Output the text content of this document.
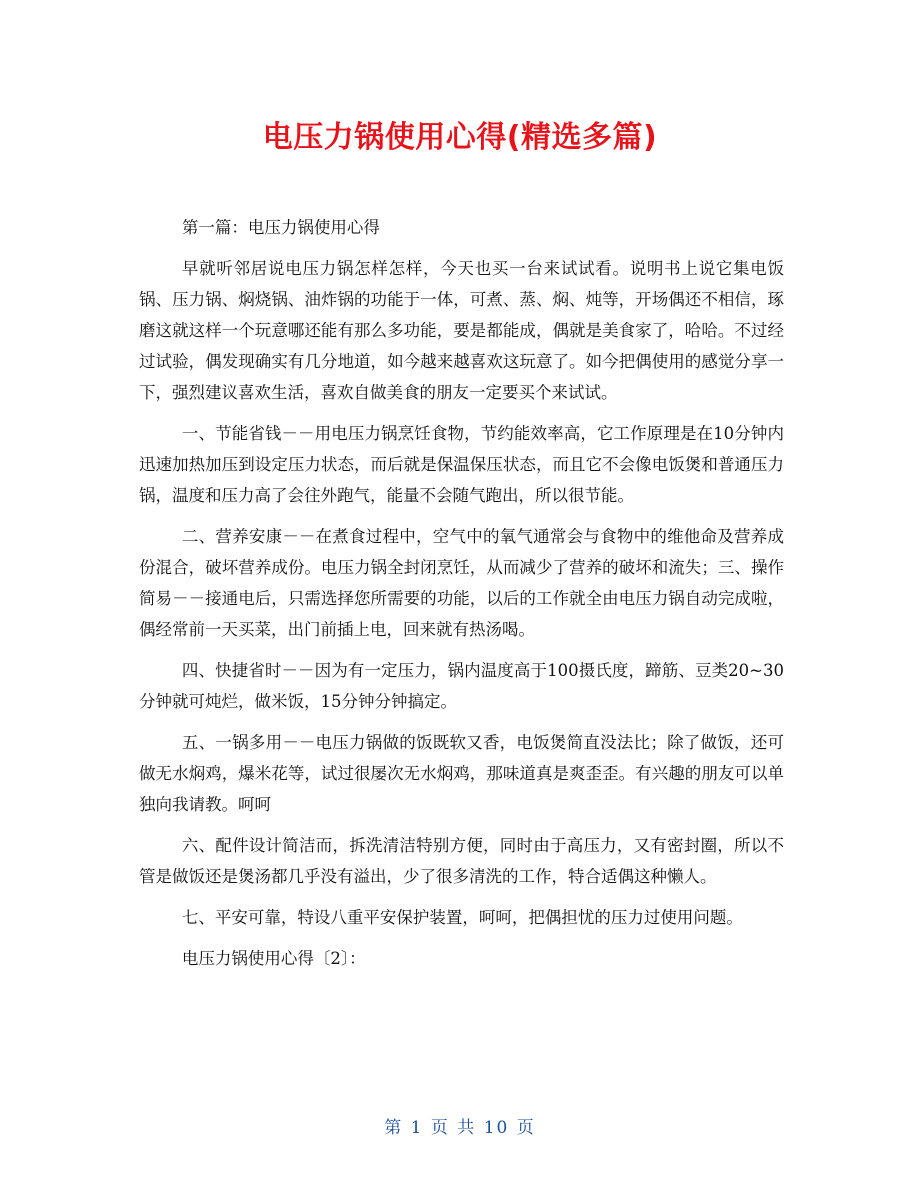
电压力锅使用心得(精选多篇)

第一篇：电压力锅使用心得

早就听邻居说电压力锅怎样怎样，今天也买一台来试试看。说明书上说它集电饭锅、压力锅、焖烧锅、油炸锅的功能于一体，可煮、蒸、焖、炖等，开场偶还不相信，琢磨这就这样一个玩意哪还能有那么多功能，要是都能成，偶就是美食家了，哈哈。不过经过试验，偶发现确实有几分地道，如今越来越喜欢这玩意了。如今把偶使用的感觉分享一下，强烈建议喜欢生活，喜欢自做美食的朋友一定要买个来试试。

一、节能省钱－－用电压力锅烹饪食物，节约能效率高，它工作原理是在10分钟内迅速加热加压到设定压力状态，而后就是保温保压状态，而且它不会像电饭煲和普通压力锅，温度和压力高了会往外跑气，能量不会随气跑出，所以很节能。

二、营养安康－－在煮食过程中，空气中的氧气通常会与食物中的维他命及营养成份混合，破坏营养成份。电压力锅全封闭烹饪，从而减少了营养的破坏和流失；三、操作简易－－接通电后，只需选择您所需要的功能，以后的工作就全由电压力锅自动完成啦，偶经常前一天买菜，出门前插上电，回来就有热汤喝。

四、快捷省时－－因为有一定压力，锅内温度高于100摄氏度，蹄筋、豆类20~30分钟就可炖烂，做米饭，15分钟分钟搞定。

五、一锅多用－－电压力锅做的饭既软又香，电饭煲简直没法比；除了做饭，还可做无水焖鸡，爆米花等，试过很屡次无水焖鸡，那味道真是爽歪歪。有兴趣的朋友可以单独向我请教。呵呵

六、配件设计简洁而，拆洗清洁特别方便，同时由于高压力，又有密封圈，所以不管是做饭还是煲汤都几乎没有溢出，少了很多清洗的工作，特合适偶这种懒人。

七、平安可靠，特设八重平安保护装置，呵呵，把偶担忧的压力过使用问题。

电压力锅使用心得〔2〕：

第 1 页 共 10 页
